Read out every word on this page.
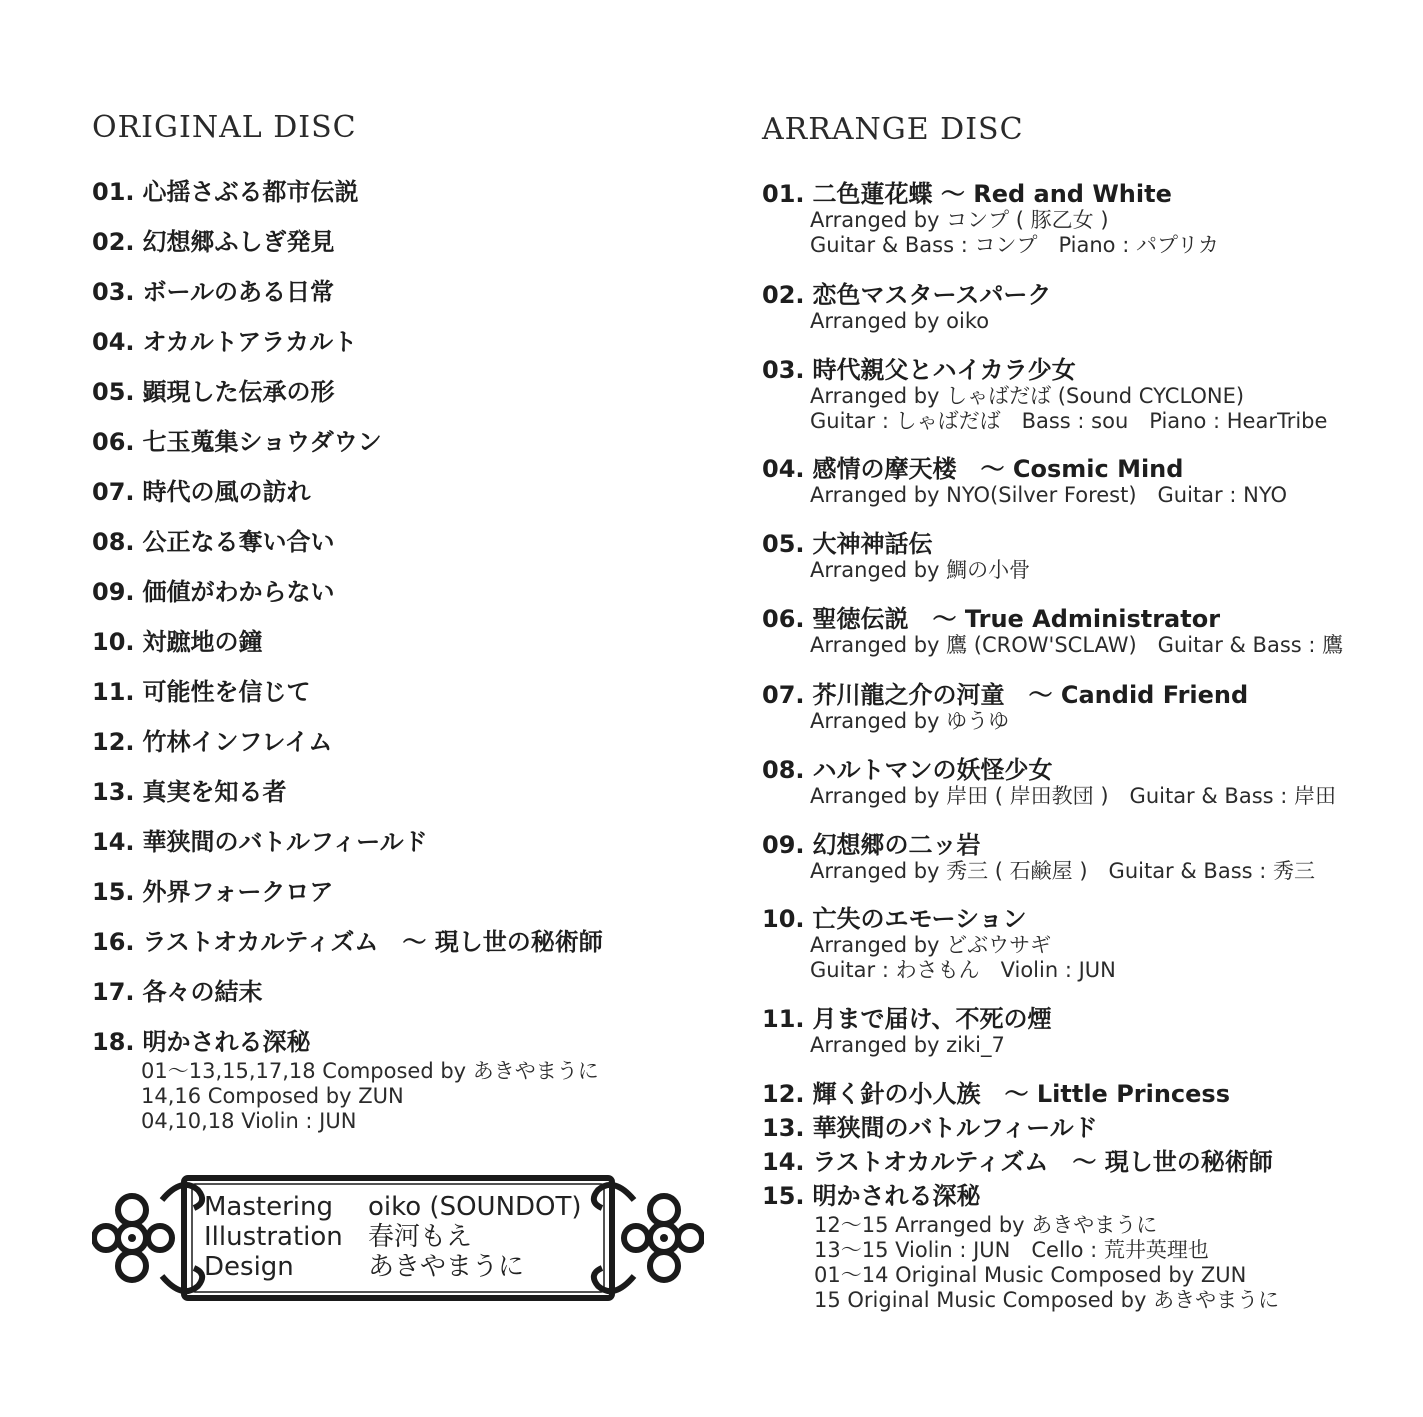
ORIGINAL DISC
01. 心揺さぶる都市伝説
02. 幻想郷ふしぎ発見
03. ボールのある日常
04. オカルトアラカルト
05. 顕現した伝承の形
06. 七玉蒐集ショウダウン
07. 時代の風の訪れ
08. 公正なる奪い合い
09. 価値がわからない
10. 対蹠地の鐘
11. 可能性を信じて
12. 竹林インフレイム
13. 真実を知る者
14. 華狭間のバトルフィールド
15. 外界フォークロア
16. ラストオカルティズム　～ 現し世の秘術師
17. 各々の結末
18. 明かされる深秘
01～13,15,17,18 Composed by あきやまうに
14,16 Composed by ZUN
04,10,18 Violin : JUN
Mastering	oiko (SOUNDOT)
Illustration 春河もえ
Design	あきやまうに
ARRANGE DISC
01. 二色蓮花蝶 ～ Red and White
Arranged by コンプ ( 豚乙女 )
Guitar & Bass : コンプ　Piano : パプリカ
02. 恋色マスタースパーク
Arranged by oiko
03. 時代親父とハイカラ少女
Arranged by しゃばだば (Sound CYCLONE)
Guitar : しゃばだば　Bass : sou　Piano : HearTribe
04. 感情の摩天楼　～ Cosmic Mind
Arranged by NYO(Silver Forest)　Guitar : NYO
05. 大神神話伝
Arranged by 鯛の小骨
06. 聖徳伝説　～ True Administrator
Arranged by 鷹 (CROW'SCLAW)　Guitar & Bass : 鷹
07. 芥川龍之介の河童　～ Candid Friend
Arranged by ゆうゆ
08. ハルトマンの妖怪少女
Arranged by 岸田 ( 岸田教団 )　Guitar & Bass : 岸田
09. 幻想郷の二ッ岩
Arranged by 秀三 ( 石鹸屋 )　Guitar & Bass : 秀三
10. 亡失のエモーション
Arranged by どぶウサギ
Guitar : わさもん　Violin : JUN
11. 月まで届け、不死の煙
Arranged by ziki_7
12. 輝く針の小人族　～ Little Princess
13. 華狭間のバトルフィールド
14. ラストオカルティズム　～ 現し世の秘術師
15. 明かされる深秘
12～15 Arranged by あきやまうに
13～15 Violin : JUN　Cello : 荒井英理也
01～14 Original Music Composed by ZUN
15 Original Music Composed by あきやまうに
